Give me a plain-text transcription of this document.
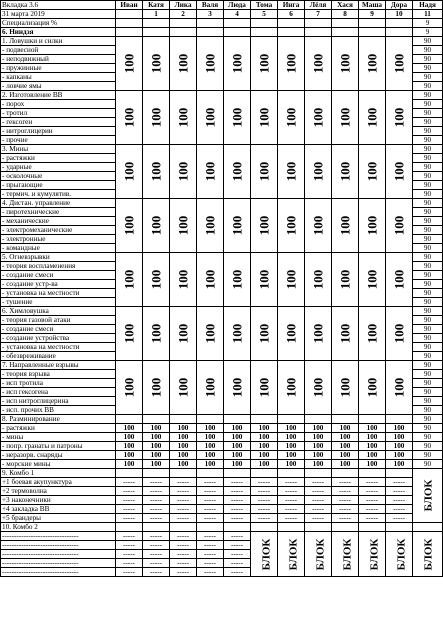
Вкладка 3.6	Иван	Катя	Лика	Валя	Люда	Тома	Инга	Лёля	Хася	Маша	Дора	Надя
31 марта 2019		1	2	3	4	5	6	7	8	9	10	11
Специализация %												9
6. Ниндзя												9
1. Ловушки и силки	100	100	100	100	100	100	100	100	100	100	100	90
- подвесной												90
- неподвижный												90
- пружинные												90
- капканы												90
- ловчие ямы												90
2. Изготовление ВВ	100	100	100	100	100	100	100	100	100	100	100	90
- порох												90
- тротил												90
- гексоген												90
- нитроглицерин												90
- прочие												90
3. Мины	100	100	100	100	100	100	100	100	100	100	100	90
- растяжки												90
- ударные												90
- осколочные												90
- прыгающие												90
- термич. и кумулятив.												90
4. Дистан. управление	100	100	100	100	100	100	100	100	100	100	100	90
- пиротехнические												90
- механические												90
- электромеханические												90
- электронные												90
- командные												90
5. Огневзрывки	100	100	100	100	100	100	100	100	100	100	100	90
- теория воспламенения												90
- создание смеси												90
- создание устр-ва												90
- установка на местности												90
- тушение												90
6. Химловушка	100	100	100	100	100	100	100	100	100	100	100	90
- теория газовой атаки												90
- создание смеси												90
- создание устройства												90
- установка на местности												90
- обезвреживание												90
7. Направленные взрывы	100	100	100	100	100	100	100	100	100	100	100	90
- теория взрыва												90
- исп тротила												90
- исп гексогена												90
- исп нитроглицерина												90
- исп. прочих ВВ												90
8. Разминирование												90
- растяжки	100	100	100	100	100	100	100	100	100	100	100	90
- мины	100	100	100	100	100	100	100	100	100	100	100	90
- попр. гранаты и патроны	100	100	100	100	100	100	100	100	100	100	100	90
- неразорв. снаряды	100	100	100	100	100	100	100	100	100	100	100	90
- морские мины	100	100	100	100	100	100	100	100	100	100	100	90
9. Комбо 1												БЛОК
+1 боевая акупунктура	-----	-----	-----	-----	-----	-----	-----	-----	-----	-----	-----	
+2 термоволна	-----	-----	-----	-----	-----	-----	-----	-----	-----	-----	-----	
+3 наконечники	-----	-----	-----	-----	-----	-----	-----	-----	-----	-----	-----	
+4 закладка ВВ	-----	-----	-----	-----	-----	-----	-----	-----	-----	-----	-----	
+5 брандеры	-----	-----	-----	-----	-----	-----	-----	-----	-----	-----	-----	
10. Комбо 2												
--------------------------------	-----	-----	-----	-----	-----	БЛОК	БЛОК	БЛОК	БЛОК	БЛОК	БЛОК	БЛОК
--------------------------------	-----	-----	-----	-----	-----							
--------------------------------	-----	-----	-----	-----	-----							
--------------------------------	-----	-----	-----	-----	-----							
--------------------------------	-----	-----	-----	-----	-----							
